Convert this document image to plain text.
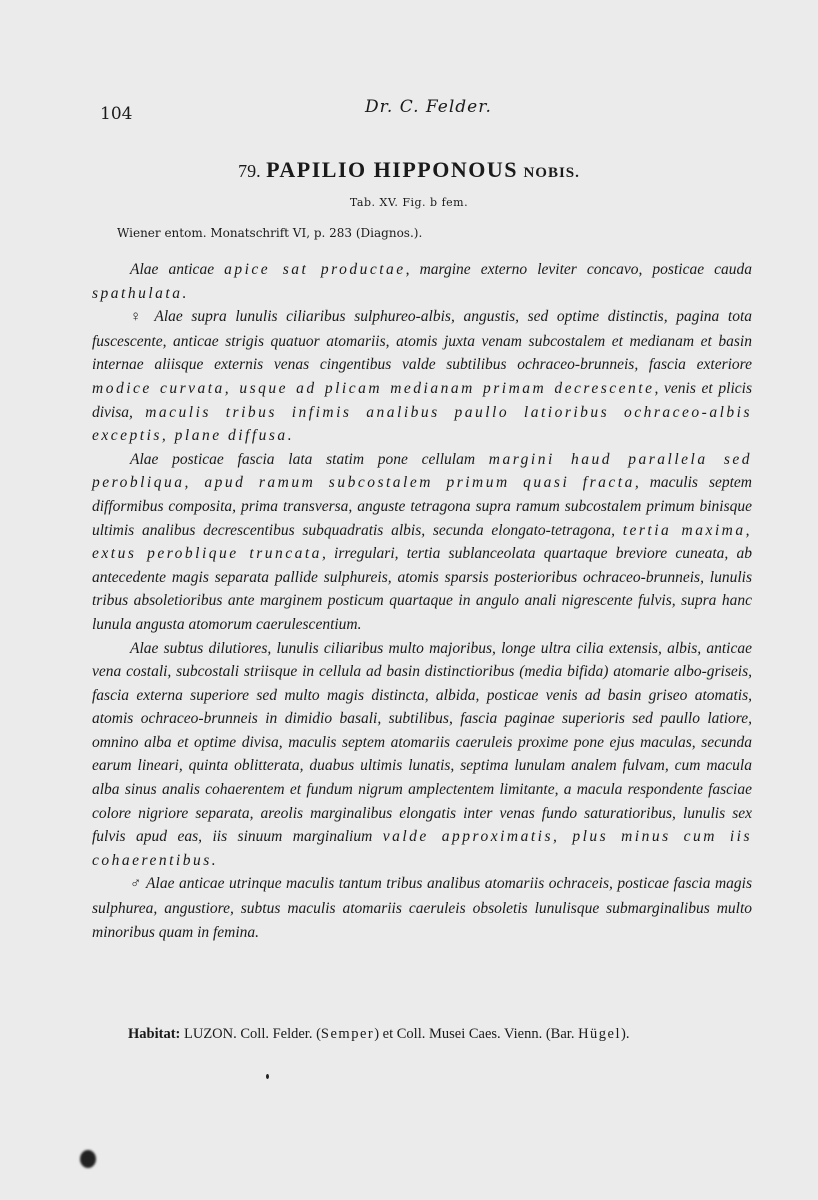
104	Dr. C. Felder.
79. PAPILIO HIPPONOUS NOBIS.
Tab. XV. Fig. b fem.
Wiener entom. Monatschrift VI, p. 283 (Diagnos.).

Alae anticae apice sat productae, margine externo leviter concavo, posticae cauda spathulata.

♀ Alae supra lunulis ciliaribus sulphureo-albis, angustis, sed optime distinctis, pagina tota fuscescente, anticae strigis quatuor atomariis, atomis juxta venam subcostalem et medianam et basin internae aliisque externis venas cingentibus valde subtilibus ochraceo-brunneis, fascia exteriore modice curvata, usque ad plicam medianam primam decrescente, venis et plicis divisa, maculis tribus infimis analibus paullo latioribus ochraceo-albis exceptis, plane diffusa.

Alae posticae fascia lata statim pone cellulam margini haud parallela sed perobliqua, apud ramum subcostalem primum quasi fracta, maculis septem difformibus composita, prima transversa, anguste tetragona supra ramum subcostalem primum binisque ultimis analibus decrescentibus subquadratis albis, secunda elongato-tetragona, tertia maxima, extus peroblique truncata, irregulari, tertia sublanceolata quartaque breviore cuneata, ab antecedente magis separata pallide sulphureis, atomis sparsis posterioribus ochraceo-brunneis, lunulis tribus absoletioribus ante marginem posticum quartaque in angulo anali nigrescente fulvis, supra hanc lunula angusta atomorum caerulescentium.

Alae subtus dilutiores, lunulis ciliaribus multo majoribus, longe ultra cilia extensis, albis, anticae vena costali, subcostali striisque in cellula ad basin distinctioribus (media bifida) atomarie albo-griseis, fascia externa superiore sed multo magis distincta, albida, posticae venis ad basin griseo atomatis, atomis ochraceo-brunneis in dimidio basali, subtilibus, fascia paginae superioris sed paullo latiore, omnino alba et optime divisa, maculis septem atomariis caeruleis proxime pone ejus maculas, secunda earum lineari, quinta oblitterata, duabus ultimis lunatis, septima lunulam analem fulvam, cum macula alba sinus analis cohaerentem et fundum nigrum amplectentem limitante, a macula respondente fasciae colore nigriore separata, areolis marginalibus elongatis inter venas fundo saturatioribus, lunulis sex fulvis apud eas, iis sinuum marginalium valde approximatis, plus minus cum iis cohaerentibus.

♂ Alae anticae utrinque maculis tantum tribus analibus atomariis ochraceis, posticae fascia magis sulphurea, angustiore, subtus maculis atomariis caeruleis obsoletis lunulisque submarginalibus multo minoribus quam in femina.

Habitat: LUZON. Coll. Felder. (Semper) et Coll. Musei Caes. Vienn. (Bar. Hügel).
